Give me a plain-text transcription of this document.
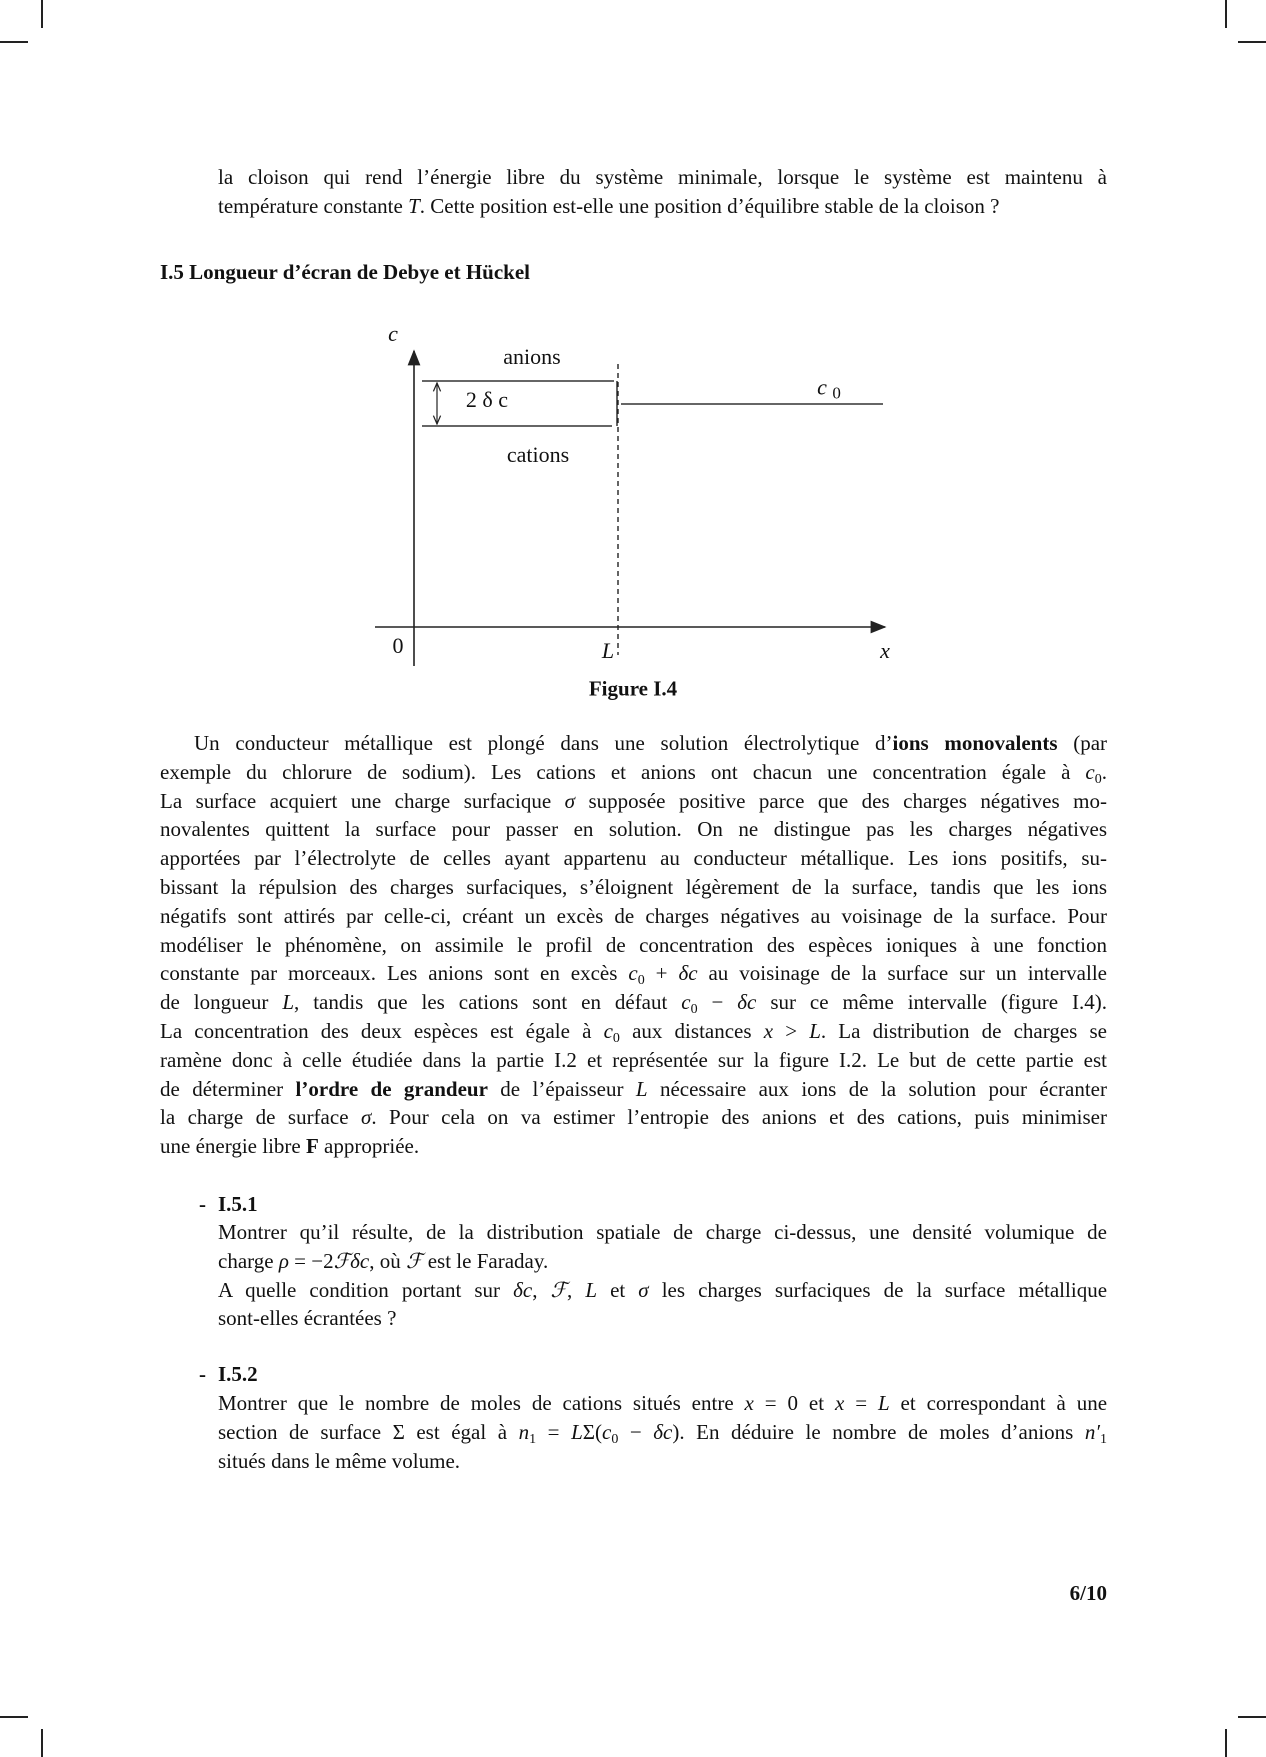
la cloison qui rend l’énergie libre du système minimale, lorsque le système est maintenu à
température constante T. Cette position est-elle une position d’équilibre stable de la cloison ?
I.5 Longueur d’écran de Debye et Hückel
c
anions
2 δ c
cations
c 0
0	L	x
Figure I.4
Un conducteur métallique est plongé dans une solution électrolytique d’ions monovalents (par
exemple du chlorure de sodium). Les cations et anions ont chacun une concentration égale à $c_0$.
La surface acquiert une charge surfacique σ supposée positive parce que des charges négatives mo-
novalentes quittent la surface pour passer en solution. On ne distingue pas les charges négatives
apportées par l’électrolyte de celles ayant appartenu au conducteur métallique. Les ions positifs, su-
bissant la répulsion des charges surfaciques, s’éloignent légèrement de la surface, tandis que les ions
négatifs sont attirés par celle-ci, créant un excès de charges négatives au voisinage de la surface. Pour
modéliser le phénomène, on assimile le profil de concentration des espèces ioniques à une fonction
constante par morceaux. Les anions sont en excès $c_0 + \delta c$ au voisinage de la surface sur un intervalle
de longueur L, tandis que les cations sont en défaut $c_0 - \delta c$ sur ce même intervalle (figure I.4).
La concentration des deux espèces est égale à $c_0$ aux distances x > L. La distribution de charges se
ramène donc à celle étudiée dans la partie I.2 et représentée sur la figure I.2. Le but de cette partie est
de déterminer l’ordre de grandeur de l’épaisseur L nécessaire aux ions de la solution pour écranter
la charge de surface σ. Pour cela on va estimer l’entropie des anions et des cations, puis minimiser
une énergie libre F appropriée.
- I.5.1
Montrer qu’il résulte, de la distribution spatiale de charge ci-dessus, une densité volumique de
charge ρ = −2ℱδc, où ℱ est le Faraday.
A quelle condition portant sur δc, ℱ, L et σ les charges surfaciques de la surface métallique
sont-elles écrantées ?
- I.5.2
Montrer que le nombre de moles de cations situés entre x = 0 et x = L et correspondant à une
section de surface Σ est égal à $n_1 = L\Sigma(c_0 - \delta c)$. En déduire le nombre de moles d’anions $n'_1$
situés dans le même volume.
6/10
